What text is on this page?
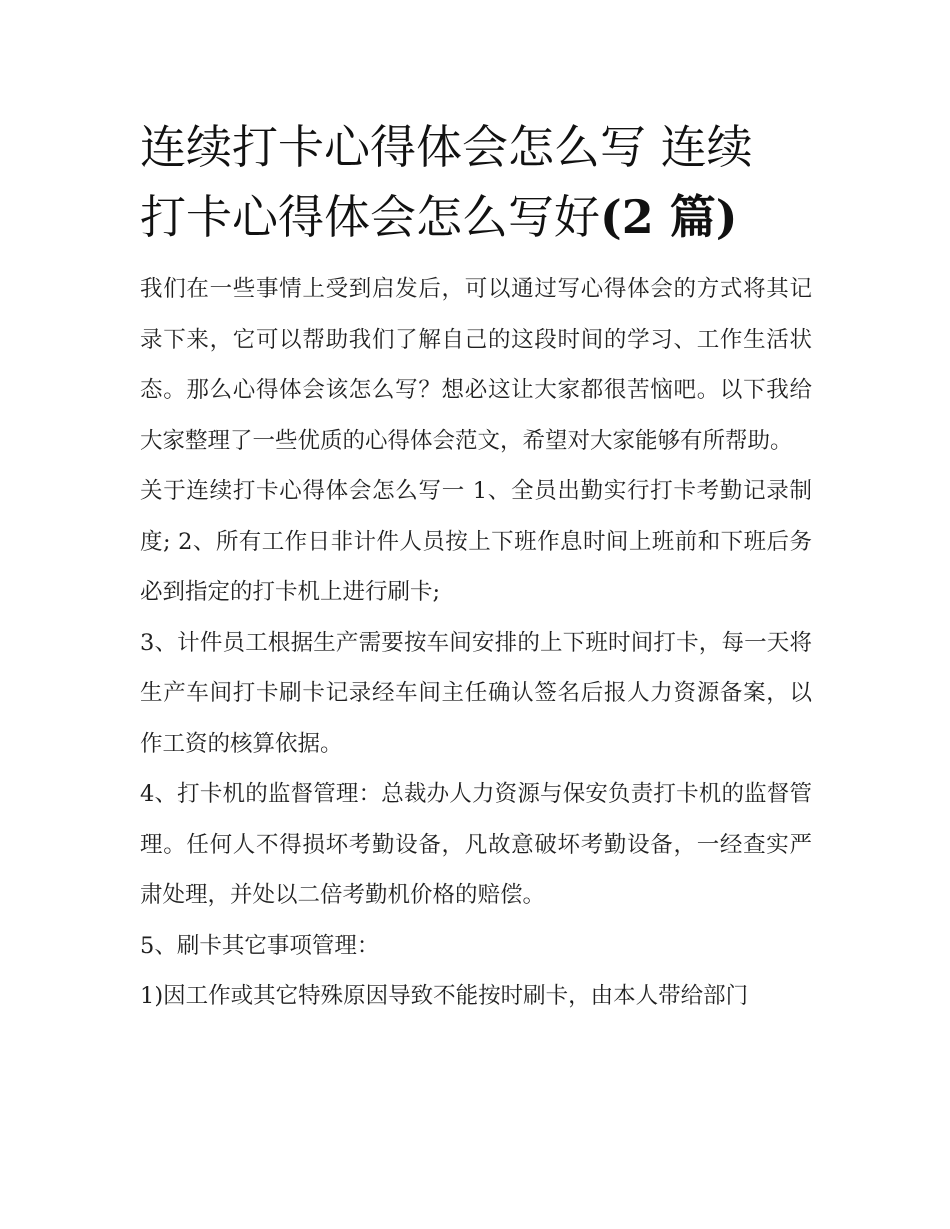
连续打卡心得体会怎么写 连续
打卡心得体会怎么写好(2 篇)

我们在一些事情上受到启发后，可以通过写心得体会的方式将其记录下来，它可以帮助我们了解自己的这段时间的学习、工作生活状态。那么心得体会该怎么写？想必这让大家都很苦恼吧。以下我给大家整理了一些优质的心得体会范文，希望对大家能够有所帮助。

关于连续打卡心得体会怎么写一 1、全员出勤实行打卡考勤记录制度; 2、所有工作日非计件人员按上下班作息时间上班前和下班后务必到指定的打卡机上进行刷卡;

3、计件员工根据生产需要按车间安排的上下班时间打卡，每一天将生产车间打卡刷卡记录经车间主任确认签名后报人力资源备案，以作工资的核算依据。

4、打卡机的监督管理：总裁办人力资源与保安负责打卡机的监督管理。任何人不得损坏考勤设备，凡故意破坏考勤设备，一经查实严肃处理，并处以二倍考勤机价格的赔偿。

5、刷卡其它事项管理：

1)因工作或其它特殊原因导致不能按时刷卡，由本人带给部门
